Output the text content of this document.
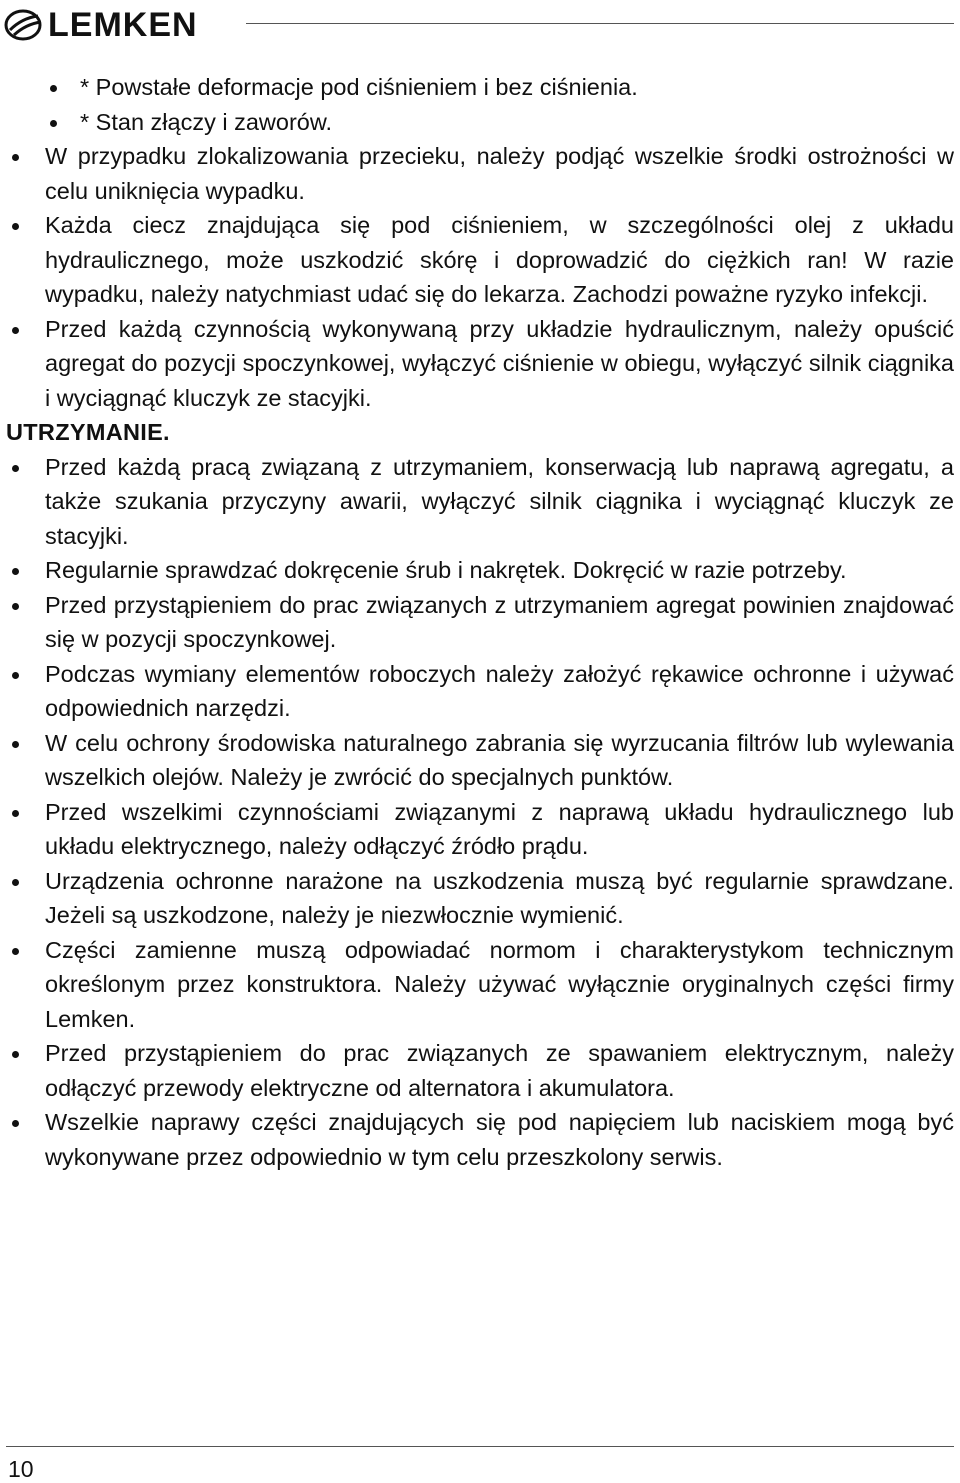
LEMKEN
* Powstałe deformacje pod ciśnieniem i bez ciśnienia.
* Stan złączy i zaworów.
W przypadku zlokalizowania przecieku, należy podjąć wszelkie środki ostrożności w celu uniknięcia wypadku.
Każda ciecz znajdująca się pod ciśnieniem, w szczególności olej z układu hydraulicznego, może uszkodzić skórę i doprowadzić do ciężkich ran! W razie wypadku, należy natychmiast udać się do lekarza. Zachodzi poważne ryzyko infekcji.
Przed każdą czynnością wykonywaną przy układzie hydraulicznym, należy opuścić agregat do pozycji spoczynkowej, wyłączyć ciśnienie w obiegu, wyłączyć silnik ciągnika i wyciągnąć kluczyk ze stacyjki.
UTRZYMANIE.
Przed każdą pracą związaną z utrzymaniem, konserwacją lub naprawą agregatu, a także szukania przyczyny awarii, wyłączyć silnik ciągnika i wyciągnąć kluczyk ze stacyjki.
Regularnie sprawdzać dokręcenie śrub i nakrętek. Dokręcić w razie potrzeby.
Przed przystąpieniem do prac związanych z utrzymaniem agregat powinien znajdować się w pozycji spoczynkowej.
Podczas wymiany elementów roboczych należy założyć rękawice ochronne i używać odpowiednich narzędzi.
W celu ochrony środowiska naturalnego zabrania się wyrzucania filtrów lub wylewania wszelkich olejów. Należy je zwrócić do specjalnych punktów.
Przed wszelkimi czynnościami związanymi z naprawą układu hydraulicznego lub układu elektrycznego, należy odłączyć źródło prądu.
Urządzenia ochronne narażone na uszkodzenia muszą być regularnie sprawdzane. Jeżeli są uszkodzone, należy je niezwłocznie wymienić.
Części zamienne muszą odpowiadać normom i charakterystykom technicznym określonym przez konstruktora. Należy używać wyłącznie oryginalnych części firmy Lemken.
Przed przystąpieniem do prac związanych ze spawaniem elektrycznym, należy odłączyć przewody elektryczne od alternatora i akumulatora.
Wszelkie naprawy części znajdujących się pod napięciem lub naciskiem mogą być wykonywane przez odpowiednio w tym celu przeszkolony serwis.
10
